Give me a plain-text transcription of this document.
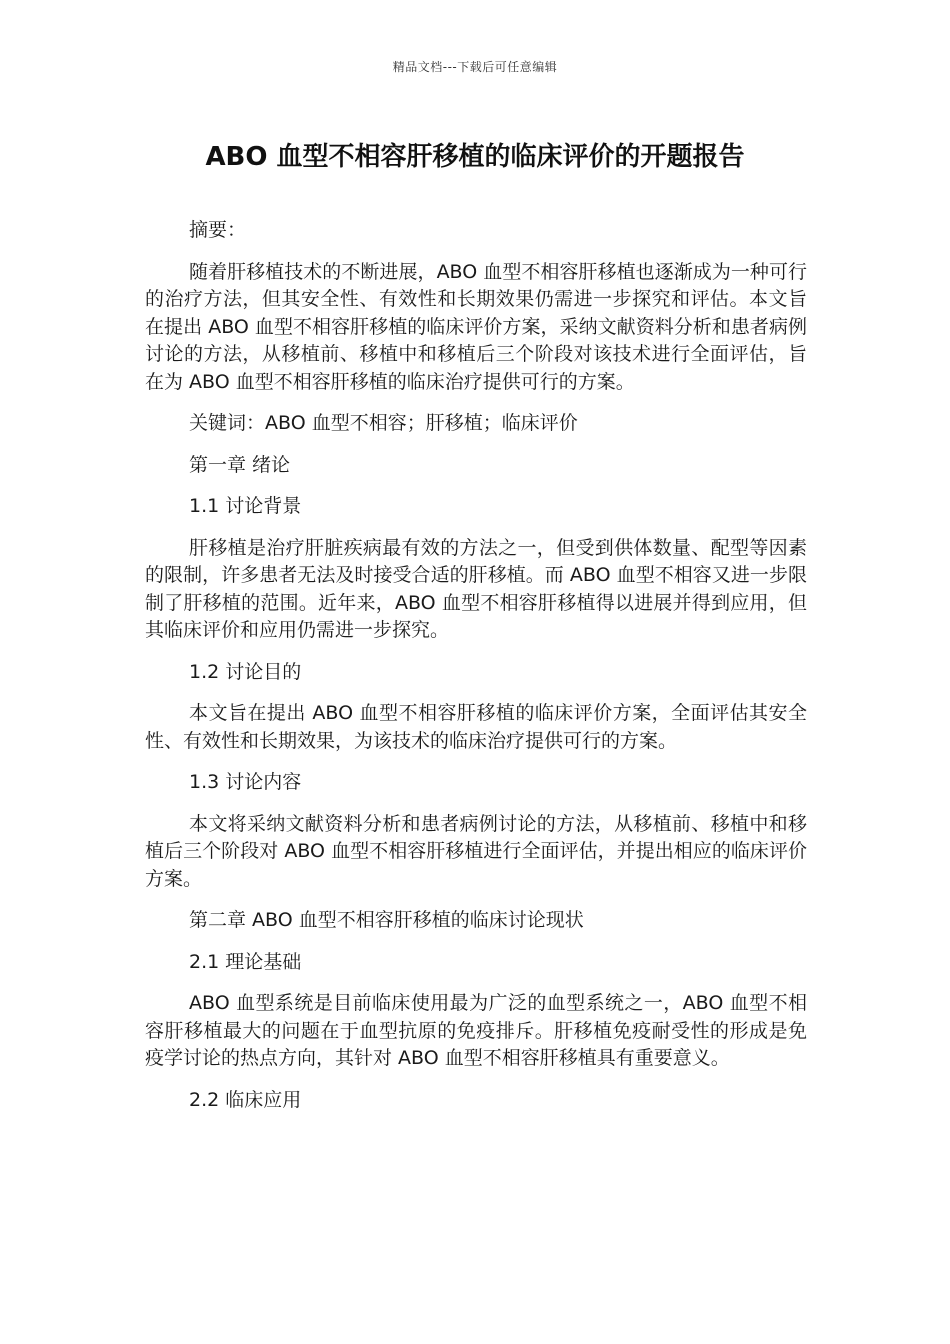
精品文档---下载后可任意编辑
ABO 血型不相容肝移植的临床评价的开题报告

摘要：

随着肝移植技术的不断进展，ABO 血型不相容肝移植也逐渐成为一种可行的治疗方法，但其安全性、有效性和长期效果仍需进一步探究和评估。本文旨在提出 ABO 血型不相容肝移植的临床评价方案，采纳文献资料分析和患者病例讨论的方法，从移植前、移植中和移植后三个阶段对该技术进行全面评估，旨在为 ABO 血型不相容肝移植的临床治疗提供可行的方案。

关键词：ABO 血型不相容；肝移植；临床评价

第一章 绪论

1.1 讨论背景

肝移植是治疗肝脏疾病最有效的方法之一，但受到供体数量、配型等因素的限制，许多患者无法及时接受合适的肝移植。而 ABO 血型不相容又进一步限制了肝移植的范围。近年来，ABO 血型不相容肝移植得以进展并得到应用，但其临床评价和应用仍需进一步探究。

1.2 讨论目的

本文旨在提出 ABO 血型不相容肝移植的临床评价方案，全面评估其安全性、有效性和长期效果，为该技术的临床治疗提供可行的方案。

1.3 讨论内容

本文将采纳文献资料分析和患者病例讨论的方法，从移植前、移植中和移植后三个阶段对 ABO 血型不相容肝移植进行全面评估，并提出相应的临床评价方案。

第二章 ABO 血型不相容肝移植的临床讨论现状

2.1 理论基础

ABO 血型系统是目前临床使用最为广泛的血型系统之一，ABO 血型不相容肝移植最大的问题在于血型抗原的免疫排斥。肝移植免疫耐受性的形成是免疫学讨论的热点方向，其针对 ABO 血型不相容肝移植具有重要意义。

2.2 临床应用
